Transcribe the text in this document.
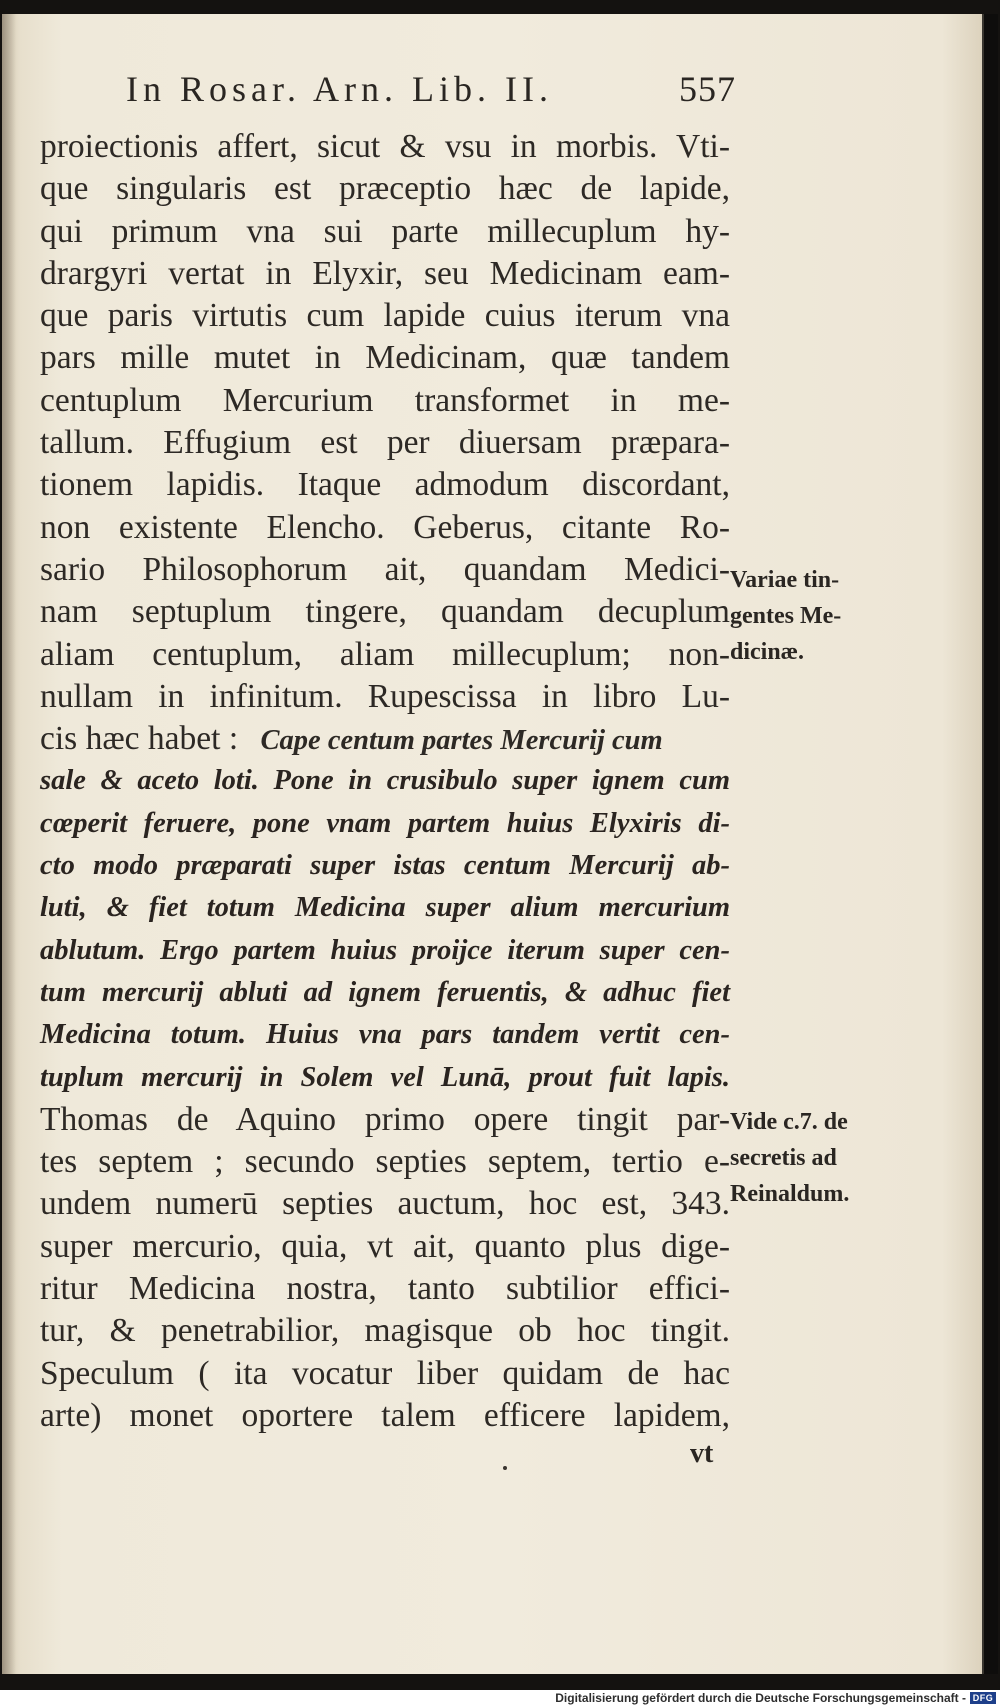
In Rosar. Arn. Lib. II.	557
proiectionis affert, sicut & vsu in morbis. Vti-
que singularis est præceptio hæc de lapide,
qui primum vna sui parte millecuplum hy-
drargyri vertat in Elyxir, seu Medicinam eam-
que paris virtutis cum lapide cuius iterum vna
pars mille mutet in Medicinam, quæ tandem
centuplum Mercurium transformet in me-
tallum. Effugium est per diuersam præpara-
tionem lapidis. Itaque admodum discordant,
non existente Elencho. Geberus, citante Ro-
sario Philosophorum ait, quandam Medici-
nam septuplum tingere, quandam decuplum
aliam centuplum, aliam millecuplum; non-
nullam in infinitum. Rupescissa in libro Lu-
cis hæc habet : Cape centum partes Mercurij cum
sale & aceto loti. Pone in crusibulo super ignem cum
cœperit feruere, pone vnam partem huius Elyxiris di-
cto modo præparati super istas centum Mercurij ab-
luti, & fiet totum Medicina super alium mercurium
ablutum. Ergo partem huius proijce iterum super cen-
tum mercurij abluti ad ignem feruentis, & adhuc fiet
Medicina totum. Huius vna pars tandem vertit cen-
tuplum mercurij in Solem vel Lunā, prout fuit lapis.
Thomas de Aquino primo opere tingit par-
tes septem ; secundo septies septem, tertio e-
undem numerū septies auctum, hoc est, 343.
super mercurio, quia, vt ait, quanto plus dige-
ritur Medicina nostra, tanto subtilior effici-
tur, & penetrabilior, magisque ob hoc tingit.
Speculum ( ita vocatur liber quidam de hac
arte) monet oportere talem efficere lapidem,
Variae tin-
gentes Me-
dicinæ.
Vide c.7. de
secretis ad
Reinaldum.
vt
Digitalisierung gefördert durch die Deutsche Forschungsgemeinschaft - DFG
